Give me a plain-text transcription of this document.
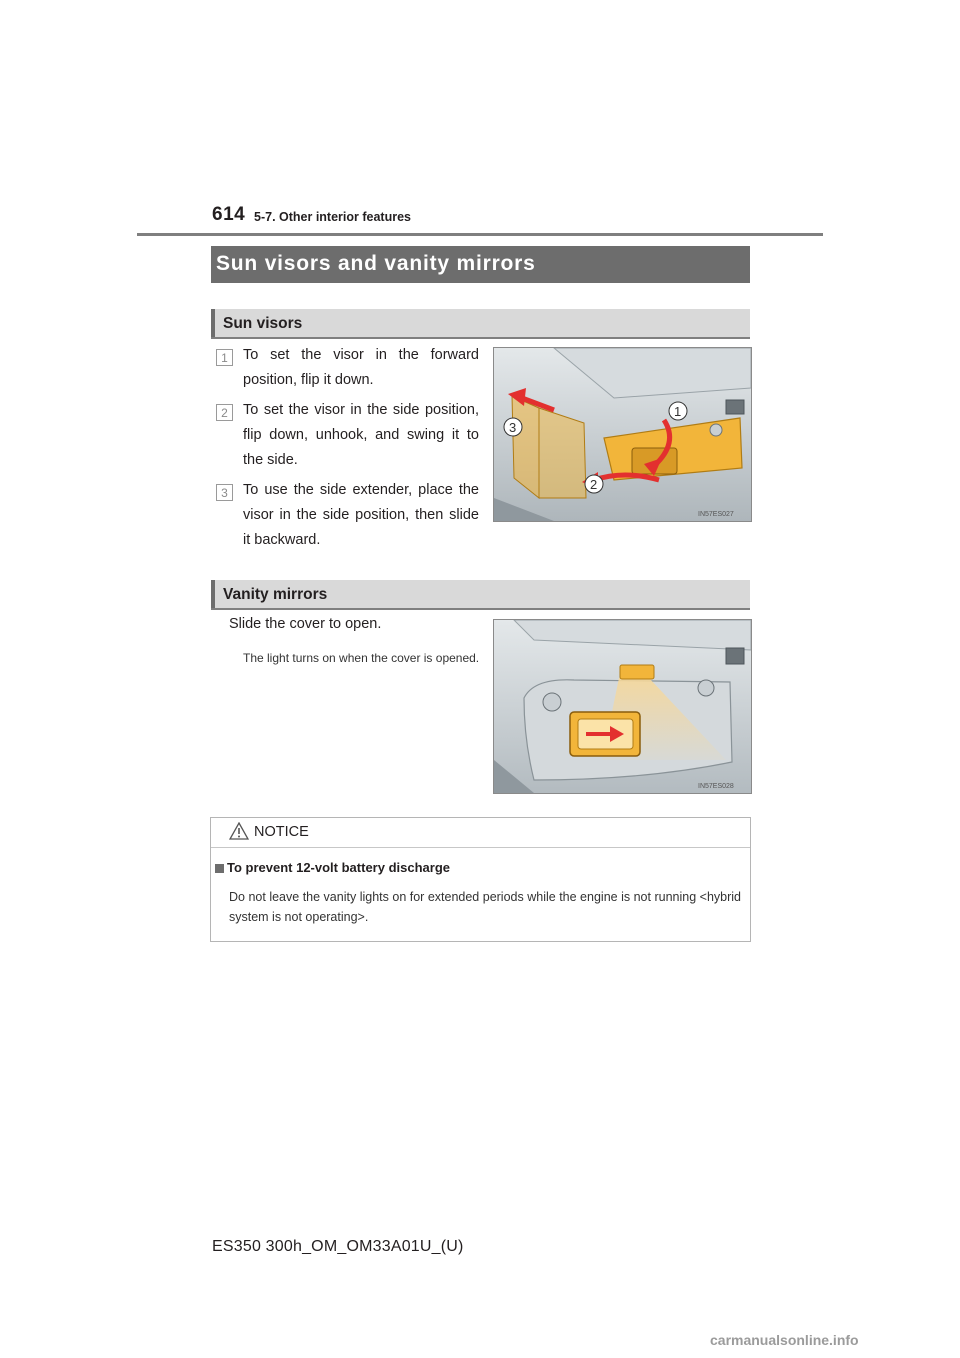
614 5-7. Other interior features
Sun visors and vanity mirrors
Sun visors
1	To set the visor in the forward position, flip it down.
2	To set the visor in the side position, flip down, unhook, and swing it to the side.
3	To use the side extender, place the visor in the side position, then slide it backward.
1
2
3
IN57ES027
Vanity mirrors
Slide the cover to open.
The light turns on when the cover is opened.
IN57ES028
NOTICE
To prevent 12-volt battery discharge
Do not leave the vanity lights on for extended periods while the engine is not running <hybrid system is not operating>.
ES350 300h_OM_OM33A01U_(U)
carmanualsonline.info
